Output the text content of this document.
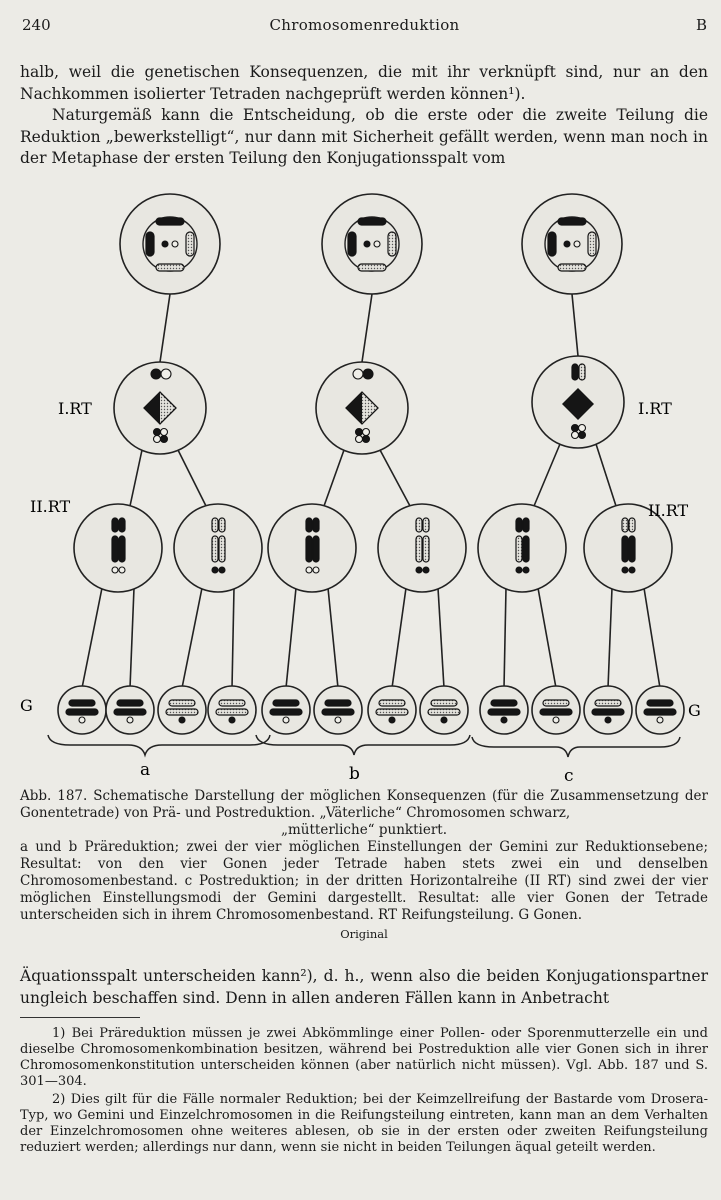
240	Chromosomenreduktion	B

halb, weil die genetischen Konsequenzen, die mit ihr verknüpft sind, nur an den Nachkommen isolierter Tetraden nachgeprüft werden können¹).

Naturgemäß kann die Entscheidung, ob die erste oder die zweite Teilung die Reduktion „bewerkstelligt“, nur dann mit Sicherheit gefällt werden, wenn man noch in der Metaphase der ersten Teilung den Konjugationsspalt vom

I.RT	I.RT
II.RT	II.RT
G	G
a	b	c

Abb. 187. Schematische Darstellung der möglichen Konsequenzen (für die Zusammensetzung der Gonentetrade) von Prä- und Postreduktion. „Väterliche“ Chromosomen schwarz,

„mütterliche“ punktiert.

a und b Präreduktion; zwei der vier möglichen Einstellungen der Gemini zur Reduktionsebene; Resultat: von den vier Gonen jeder Tetrade haben stets zwei ein und denselben Chromosomenbestand. c Postreduktion; in der dritten Horizontalreihe (II RT) sind zwei der vier möglichen Einstellungsmodi der Gemini dargestellt. Resultat: alle vier Gonen der Tetrade unterscheiden sich in ihrem Chromosomenbestand. RT Reifungsteilung. G Gonen.

Original

Äquationsspalt unterscheiden kann²), d. h., wenn also die beiden Konjugationspartner ungleich beschaffen sind. Denn in allen anderen Fällen kann in Anbetracht

1) Bei Präreduktion müssen je zwei Abkömmlinge einer Pollen- oder Sporenmutterzelle ein und dieselbe Chromosomenkombination besitzen, während bei Postreduktion alle vier Gonen sich in ihrer Chromosomenkonstitution unterscheiden können (aber natürlich nicht müssen). Vgl. Abb. 187 und S. 301—304.

2) Dies gilt für die Fälle normaler Reduktion; bei der Keimzellreifung der Bastarde vom Drosera-Typ, wo Gemini und Einzelchromosomen in die Reifungsteilung eintreten, kann man an dem Verhalten der Einzelchromosomen ohne weiteres ablesen, ob sie in der ersten oder zweiten Reifungsteilung reduziert werden; allerdings nur dann, wenn sie nicht in beiden Teilungen äqual geteilt werden.
